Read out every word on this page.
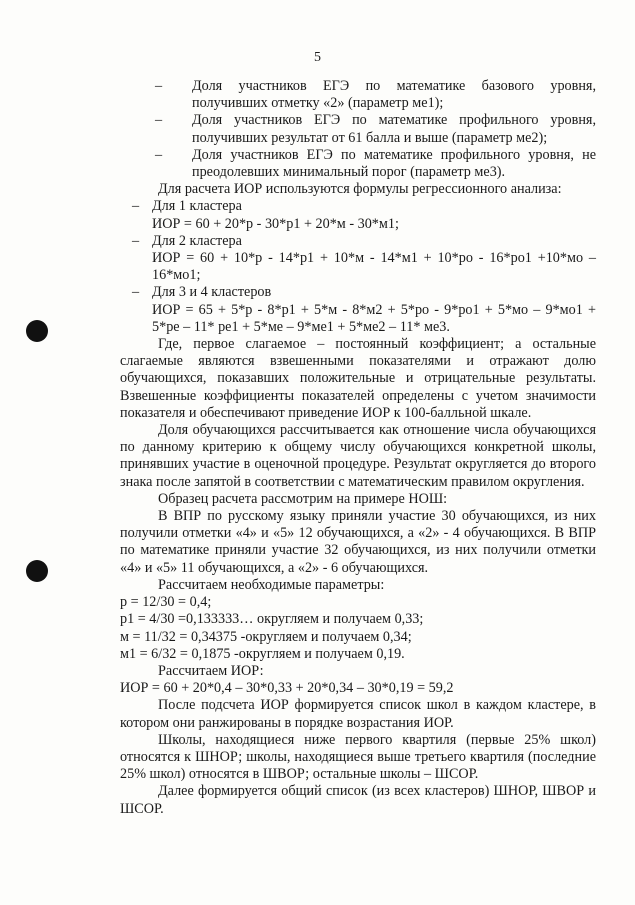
5
–	Доля участников ЕГЭ по математике базового уровня, получивших отметку «2» (параметр ме1);
–	Доля участников ЕГЭ по математике профильного уровня, получивших результат от 61 балла и выше (параметр ме2);
–	Доля участников ЕГЭ по математике профильного уровня, не преодолевших минимальный порог (параметр ме3).

Для расчета ИОР используются формулы регрессионного анализа:

– Для 1 кластера

ИОР = 60 + 20*р - 30*р1 + 20*м - 30*м1;

– Для 2 кластера

ИОР = 60 + 10*р - 14*р1 + 10*м - 14*м1 + 10*ро - 16*ро1 +10*мо – 16*мо1;

– Для 3 и 4 кластеров

ИОР = 65 + 5*р - 8*р1 + 5*м - 8*м2 + 5*ро - 9*ро1 + 5*мо – 9*мо1 + 5*ре – 11* ре1 + 5*ме – 9*ме1 + 5*ме2 – 11* ме3.

Где, первое слагаемое – постоянный коэффициент; а остальные слагаемые являются взвешенными показателями и отражают долю обучающихся, показавших положительные и отрицательные результаты. Взвешенные коэффициенты показателей определены с учетом значимости показателя и обеспечивают приведение ИОР к 100-балльной шкале.

Доля обучающихся рассчитывается как отношение числа обучающихся по данному критерию к общему числу обучающихся конкретной школы, принявших участие в оценочной процедуре. Результат округляется до второго знака после запятой в соответствии с математическим правилом округления.

Образец расчета рассмотрим на примере НОШ:

В ВПР по русскому языку приняли участие 30 обучающихся, из них получили отметки «4» и «5» 12 обучающихся, а «2» - 4 обучающихся. В ВПР по математике приняли участие 32 обучающихся, из них получили отметки «4» и «5» 11 обучающихся, а «2» - 6 обучающихся.

Рассчитаем необходимые параметры:

р = 12/30 = 0,4;

р1 = 4/30 =0,133333… округляем и получаем 0,33;

м = 11/32 = 0,34375 -округляем и получаем 0,34;

м1 = 6/32 = 0,1875 -округляем и получаем 0,19.

Рассчитаем ИОР:

ИОР = 60 + 20*0,4 – 30*0,33 + 20*0,34 – 30*0,19 = 59,2

После подсчета ИОР формируется список школ в каждом кластере, в котором они ранжированы в порядке возрастания ИОР.

Школы, находящиеся ниже первого квартиля (первые 25% школ) относятся к ШНОР; школы, находящиеся выше третьего квартиля (последние 25% школ) относятся в ШВОР; остальные школы – ШСОР.

Далее формируется общий список (из всех кластеров) ШНОР, ШВОР и ШСОР.
